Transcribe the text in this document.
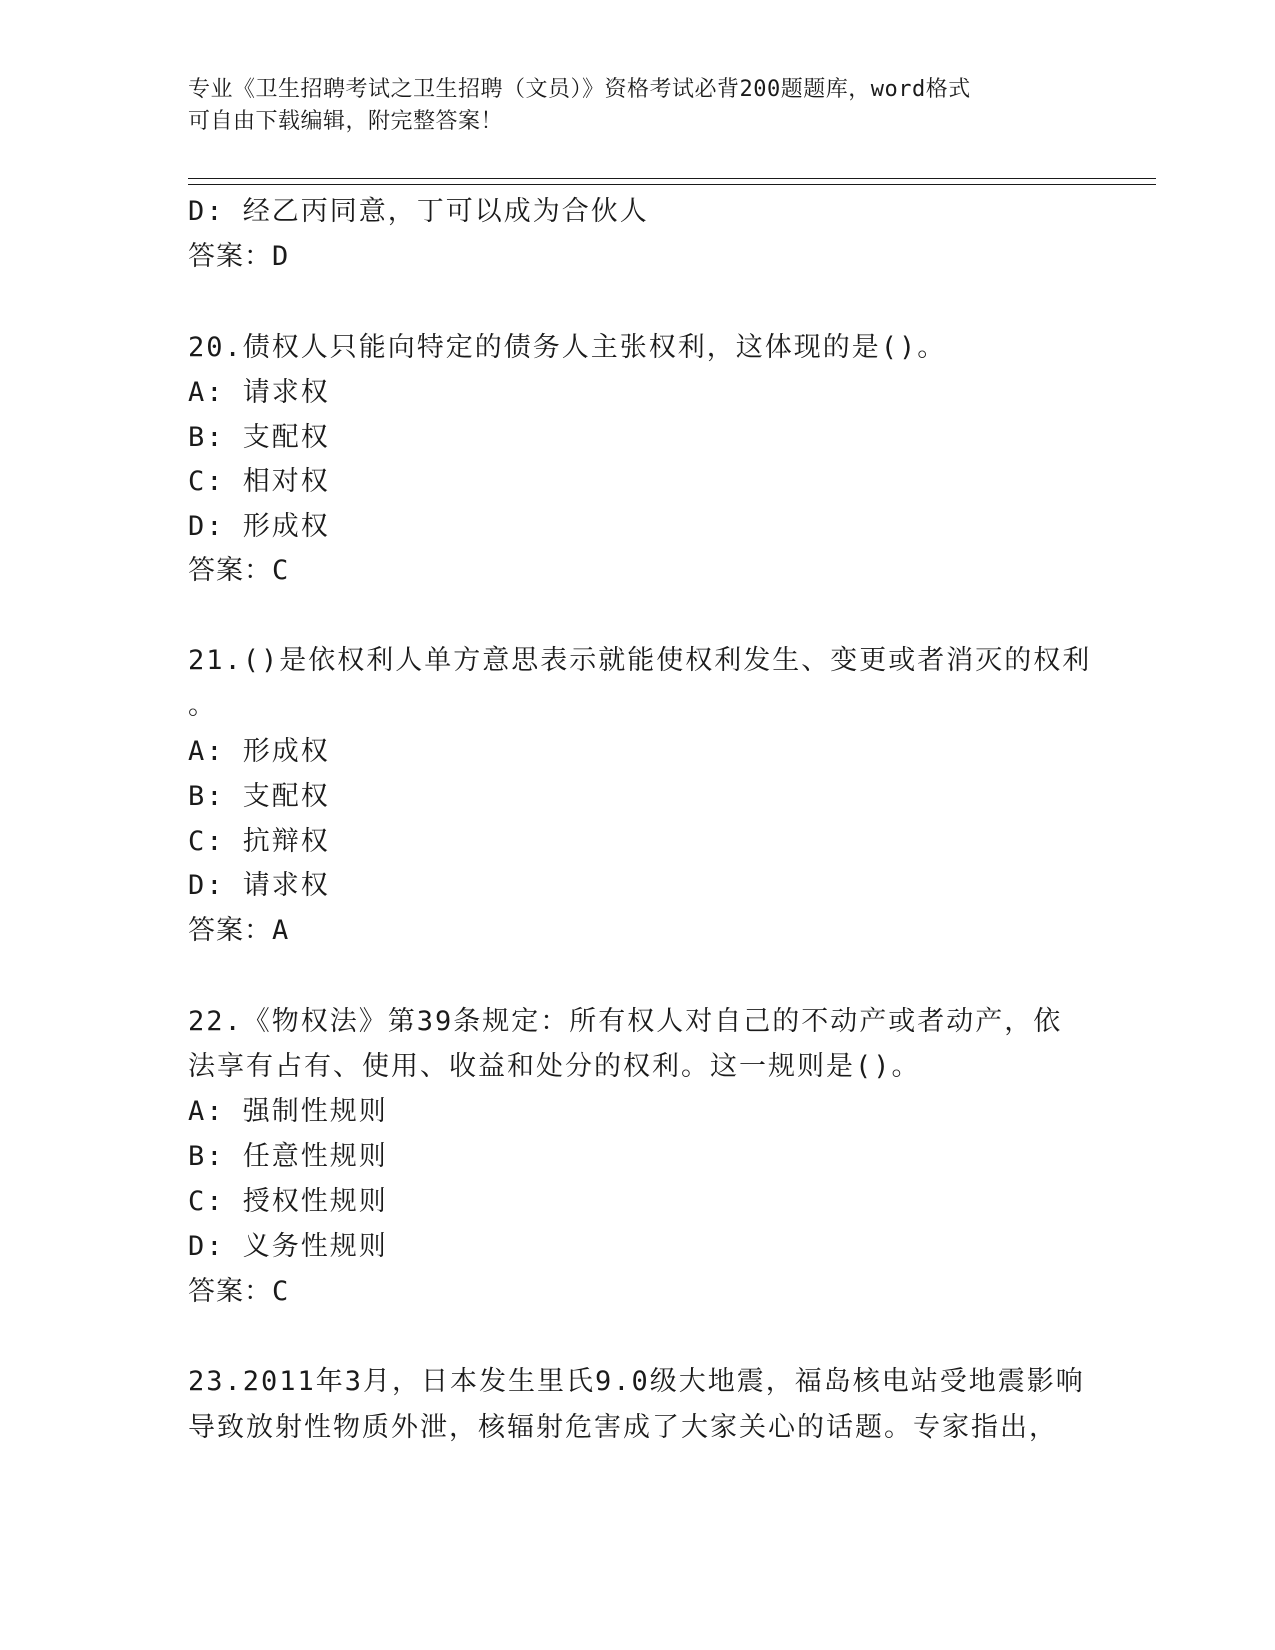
专业《卫生招聘考试之卫生招聘（文员）》资格考试必背200题题库，word格式
可自由下载编辑，附完整答案！
D: 经乙丙同意，丁可以成为合伙人
答案：D
20.债权人只能向特定的债务人主张权利，这体现的是()。
A: 请求权
B: 支配权
C: 相对权
D: 形成权
答案：C
21.()是依权利人单方意思表示就能使权利发生、变更或者消灭的权利
。
A: 形成权
B: 支配权
C: 抗辩权
D: 请求权
答案：A
22.《物权法》第39条规定：所有权人对自己的不动产或者动产，依
法享有占有、使用、收益和处分的权利。这一规则是()。
A: 强制性规则
B: 任意性规则
C: 授权性规则
D: 义务性规则
答案：C
23.2011年3月，日本发生里氏9.0级大地震，福岛核电站受地震影响
导致放射性物质外泄，核辐射危害成了大家关心的话题。专家指出，
